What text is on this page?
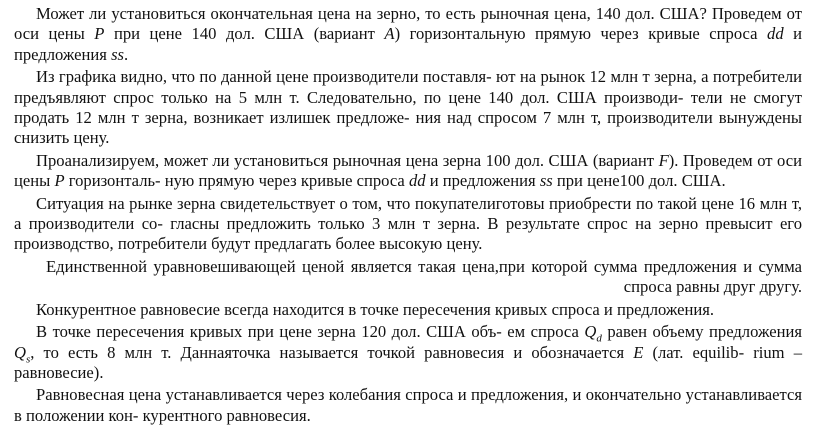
Может ли установиться окончательная цена на зерно, то есть рыночная цена, 140 дол. США? Проведем от оси цены P при цене 140 дол. США (вариант A) горизонтальную прямую через кривые спроса dd и предложения ss.

Из графика видно, что по данной цене производители поставля- ют на рынок 12 млн т зерна, а потребители предъявляют спрос только на 5 млн т. Следовательно, по цене 140 дол. США производи- тели не смогут продать 12 млн т зерна, возникает излишек предложе- ния над спросом 7 млн т, производители вынуждены снизить цену.

Проанализируем, может ли установиться рыночная цена зерна 100 дол. США (вариант F). Проведем от оси цены P горизонталь- ную прямую через кривые спроса dd и предложения ss при цене100 дол. США.

Ситуация на рынке зерна свидетельствует о том, что покупателиготовы приобрести по такой цене 16 млн т, а производители со- гласны предложить только 3 млн т зерна. В результате спрос на зерно превысит его производство, потребители будут предлагать более высокую цену.

Единственной уравновешивающей ценой является такая цена,при которой сумма предложения и сумма спроса равны друг другу.

Конкурентное равновесие всегда находится в точке пересечения кривых спроса и предложения.

В точке пересечения кривых при цене зерна 120 дол. США объ- ем спроса $Q_d$ равен объему предложения $Q_s$, то есть 8 млн т. Даннаяточка называется точкой равновесия и обозначается E (лат. equilib- rium – равновесие).

Равновесная цена устанавливается через колебания спроса и предложения, и окончательно устанавливается в положении кон- курентного равновесия.
